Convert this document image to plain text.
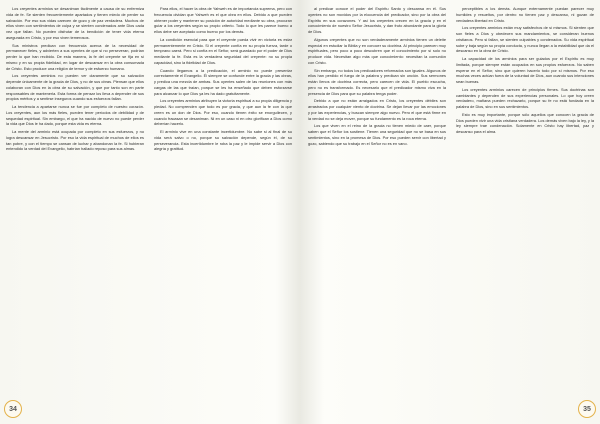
Los creyentes arminios se desaniman fácilmente a causa de su enfermiza vida de fe. Se sienten frecuentemente apartados y tienen miedo de perder su salvación. Por eso sus vidas carecen de gozo y de paz verdadera. Muchos de ellos viven con sentimientos de culpa y se sienten condenados ante Dios cada vez que fallan. No pueden disfrutar de la bendición de tener vida eterna asegurada en Cristo, y por eso viven temerosos.

Sus ministros predican con frecuencia acerca de la necesidad de permanecer fieles, y advierten a sus oyentes de que si no perseveran, podrían perder lo que han recibido. De esta manera, la fe del creyente se fija en sí mismo y en su propia fidelidad, en lugar de descansar en la obra consumada de Cristo. Esto produce una religión de temor y de esfuerzo humano.

Los creyentes arminios no pueden ver claramente que su salvación depende únicamente de la gracia de Dios, y no de sus obras. Piensan que ellos colaboran con Dios en la obra de su salvación, y que por tanto son en parte responsables de mantenerla. Esta forma de pensar los lleva a depender de sus propios méritos y a sentirse inseguros cuando sus esfuerzos fallan.

La tendencia a apartarse nunca se fue por completo de nuestro corazón. Los creyentes, aun los más fieles, pueden tener períodos de debilidad y de sequedad espiritual. Sin embargo, el que ha nacido de nuevo no puede perder la vida que Dios le ha dado, porque esta vida es eterna.

La mente del arminio está ocupada por completo en sus esfuerzos, y no logra descansar en Jesucristo. Por eso la vida espiritual de muchos de ellos es tan pobre, y con el tiempo se cansan de luchar y abandonan la fe. Si hubieran entendido la verdad del Evangelio, habrían hallado reposo para sus almas.

Para ellos, el hacer la obra de Yahweh es de importancia suprema, pero con frecuencia olvidan que Yahweh es el que obra en ellos. Debido a que pueden obtener poder y mantener su posición de autoridad mediante su obra, procuran guiar a los creyentes según su propio criterio. Todo lo que les parece bueno a ellos debe ser aceptado como bueno por los demás.

La condición esencial para que el creyente pueda vivir en victoria es estar permanentemente en Cristo. Si el creyente confía en su propia fuerza, tarde o temprano caerá. Pero si confía en el Señor, será guardado por el poder de Dios mediante la fe. Esta es la verdadera seguridad del creyente: no su propia capacidad, sino la fidelidad de Dios.

Cuando llegamos a la predicación, el arminio no puede presentar correctamente el Evangelio. Él siempre se confunde entre la gracia y las obras, y predica una mezcla de ambas. Sus oyentes salen de las reuniones con más cargas de las que traían, porque se les ha enseñado que deben esforzarse para alcanzar lo que Dios ya les ha dado gratuitamente.

Los creyentes arminios atribuyen la victoria espiritual a su propia diligencia y piedad. No comprenden que todo es por gracia, y que aun la fe con la que creen es un don de Dios. Por eso, cuando tienen éxito se enorgullecen, y cuando fracasan se desaniman. Ni en un caso ni en otro glorifican a Dios como deberían hacerlo.

El arminio vive en una constante incertidumbre. No sabe si al final de su vida será salvo o no, porque su salvación depende, según él, de su perseverancia. Esta incertidumbre le roba la paz y le impide servir a Dios con alegría y gratitud.

al predicar conoce el poder del Espíritu Santo y descansa en él. Sus oyentes no son movidos por la elocuencia del predicador, sino por la obra del Espíritu en sus corazones. Y así los creyentes crecen en la gracia y en el conocimiento de nuestro Señor Jesucristo, y dan fruto abundante para la gloria de Dios.

Algunos creyentes que no son verdaderamente arminios tienen un deleite especial en estudiar la Biblia y en conocer su doctrina. Al principio parecen muy espirituales, pero poco a poco descubren que el conocimiento por sí solo no produce vida. Necesitan algo más que conocimiento: necesitan la comunión con Cristo.

Sin embargo, no todos los predicadores reformados son iguales. Algunos de ellos han perdido el fuego de la palabra y predican sin unción. Sus sermones están llenos de doctrina correcta, pero carecen de vida. El pueblo escucha, pero no es transformado. Es necesario que el predicador mismo viva en la presencia de Dios para que su palabra tenga poder.

Debido a que no están arraigados en Cristo, los creyentes débiles son arrastrados por cualquier viento de doctrina. Se dejan llevar por las emociones y por las experiencias, y buscan siempre algo nuevo. Pero el que está firme en la verdad no se deja mover, porque su fundamento es la roca eterna.

Los que viven en el reino de la gracia no tienen miedo de caer, porque saben que el Señor los sostiene. Tienen una seguridad que no se basa en sus sentimientos, sino en la promesa de Dios. Por eso pueden servir con libertad y gozo, sabiendo que su trabajo en el Señor no es en vano.

perceptibles a los demás. Aunque externamente puedan parecer muy humildes y resueltos, por dentro no tienen paz y descanso, ni gozan de verdadera libertad en Cristo.

Los creyentes arminios están muy satisfechos de sí mismos. Si sienten que son fieles a Dios y obedecen sus mandamientos, se consideran buenos cristianos. Pero si fallan, se sienten culpables y condenados. Su vida espiritual sube y baja según su propia conducta, y nunca llegan a la estabilidad que da el descanso en la obra de Cristo.

La capacidad de los arminios para ser guiados por el Espíritu es muy limitada, porque siempre están ocupados en sus propios esfuerzos. No saben esperar en el Señor, sino que quieren hacerlo todo por sí mismos. Por eso muchas veces actúan fuera de la voluntad de Dios, aun cuando sus intenciones sean buenas.

Los creyentes arminios carecen de principios firmes. Sus doctrinas son cambiantes y dependen de sus experiencias personales. Lo que hoy creen verdadero, mañana pueden rechazarlo, porque su fe no está fundada en la palabra de Dios, sino en sus sentimientos.

Esto es muy importante, porque sólo aquellos que conocen la gracia de Dios pueden vivir una vida cristiana verdadera. Los demás viven bajo la ley, y la ley siempre trae condenación. Solamente en Cristo hay libertad, paz y descanso para el alma.

34	35
